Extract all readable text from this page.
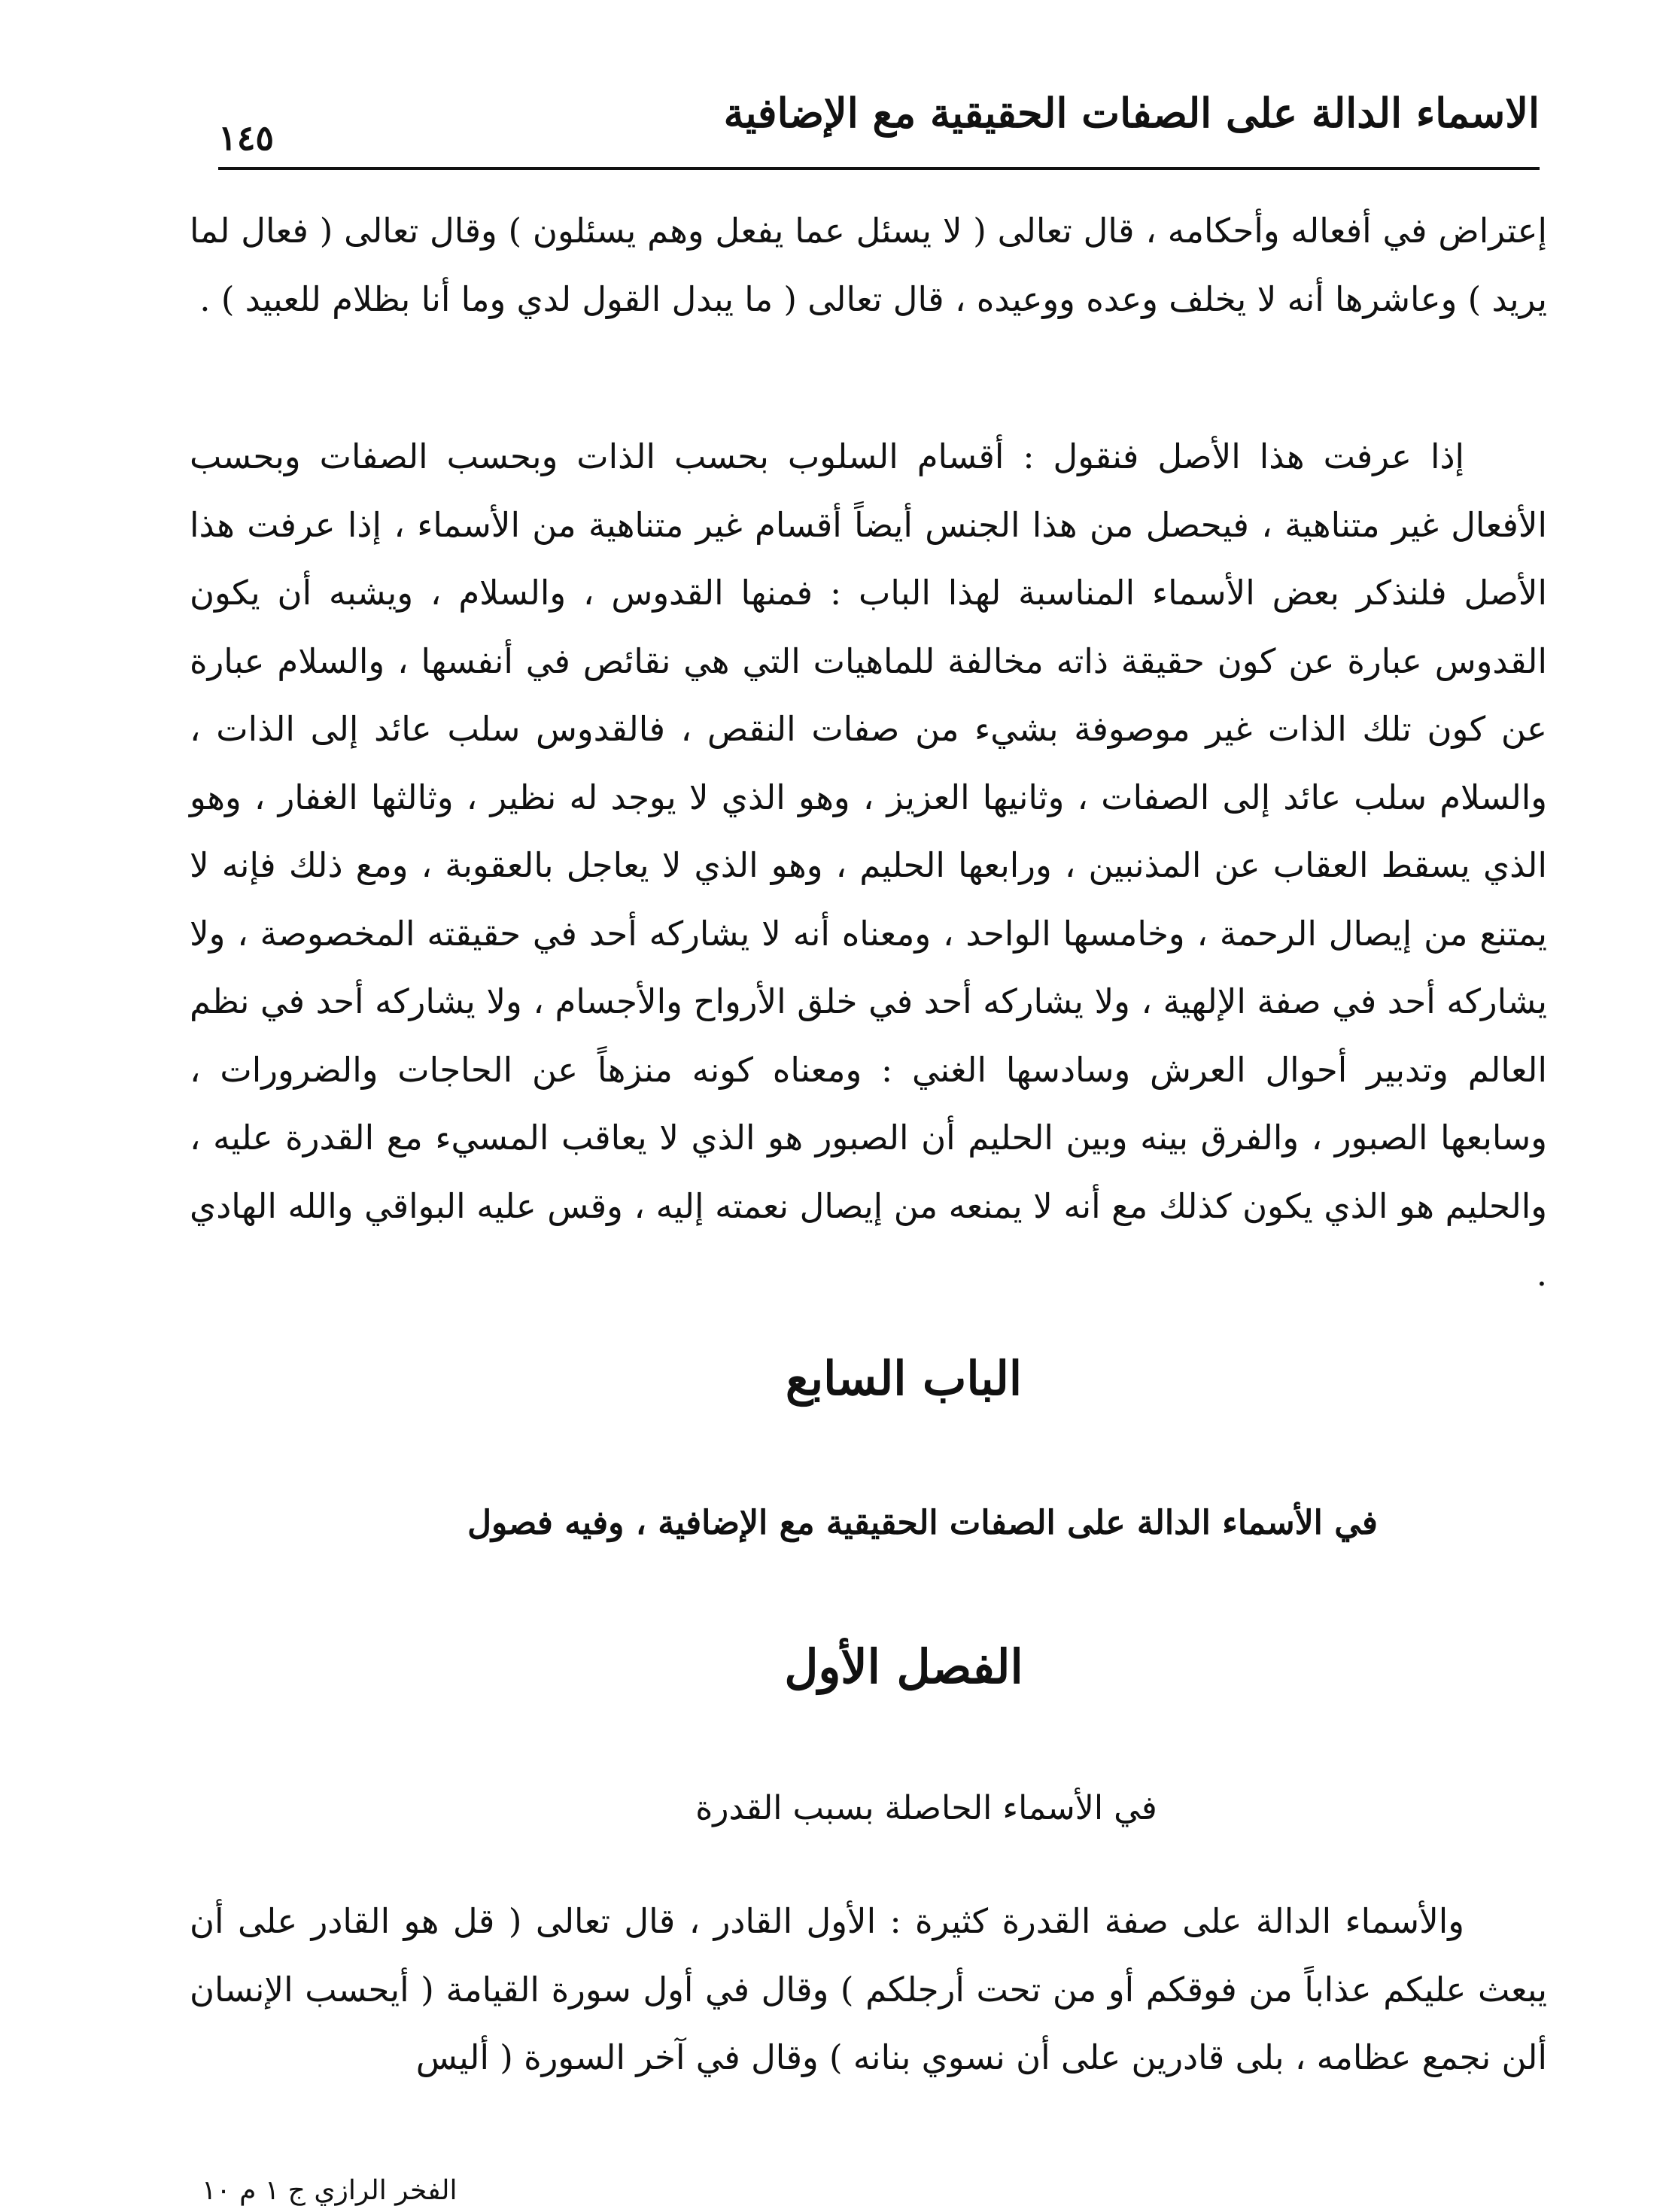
الاسماء الدالة على الصفات الحقيقية مع الإضافية
١٤٥

إعتراض في أفعاله وأحكامه ، قال تعالى ( لا يسئل عما يفعل وهم يسئلون ) وقال تعالى ( فعال لما يريد ) وعاشرها أنه لا يخلف وعده ووعيده ، قال تعالى ( ما يبدل القول لدي وما أنا بظلام للعبيد ) .

إذا عرفت هذا الأصل فنقول : أقسام السلوب بحسب الذات وبحسب الصفات وبحسب الأفعال غير متناهية ، فيحصل من هذا الجنس أيضاً أقسام غير متناهية من الأسماء ، إذا عرفت هذا الأصل فلنذكر بعض الأسماء المناسبة لهذا الباب : فمنها القدوس ، والسلام ، ويشبه أن يكون القدوس عبارة عن كون حقيقة ذاته مخالفة للماهيات التي هي نقائص في أنفسها ، والسلام عبارة عن كون تلك الذات غير موصوفة بشيء من صفات النقص ، فالقدوس سلب عائد إلى الذات ، والسلام سلب عائد إلى الصفات ، وثانيها العزيز ، وهو الذي لا يوجد له نظير ، وثالثها الغفار ، وهو الذي يسقط العقاب عن المذنبين ، ورابعها الحليم ، وهو الذي لا يعاجل بالعقوبة ، ومع ذلك فإنه لا يمتنع من إيصال الرحمة ، وخامسها الواحد ، ومعناه أنه لا يشاركه أحد في حقيقته المخصوصة ، ولا يشاركه أحد في صفة الإلهية ، ولا يشاركه أحد في خلق الأرواح والأجسام ، ولا يشاركه أحد في نظم العالم وتدبير أحوال العرش وسادسها الغني : ومعناه كونه منزهاً عن الحاجات والضرورات ، وسابعها الصبور ، والفرق بينه وبين الحليم أن الصبور هو الذي لا يعاقب المسيء مع القدرة عليه ، والحليم هو الذي يكون كذلك مع أنه لا يمنعه من إيصال نعمته إليه ، وقس عليه البواقي والله الهادي .

الباب السابع
في الأسماء الدالة على الصفات الحقيقية مع الإضافية ، وفيه فصول
الفصل الأول
في الأسماء الحاصلة بسبب القدرة

والأسماء الدالة على صفة القدرة كثيرة : الأول القادر ، قال تعالى ( قل هو القادر على أن يبعث عليكم عذاباً من فوقكم أو من تحت أرجلكم ) وقال في أول سورة القيامة ( أيحسب الإنسان ألن نجمع عظامه ، بلى قادرين على أن نسوي بنانه ) وقال في آخر السورة ( أليس

الفخر الرازي ج ١ م ١٠
